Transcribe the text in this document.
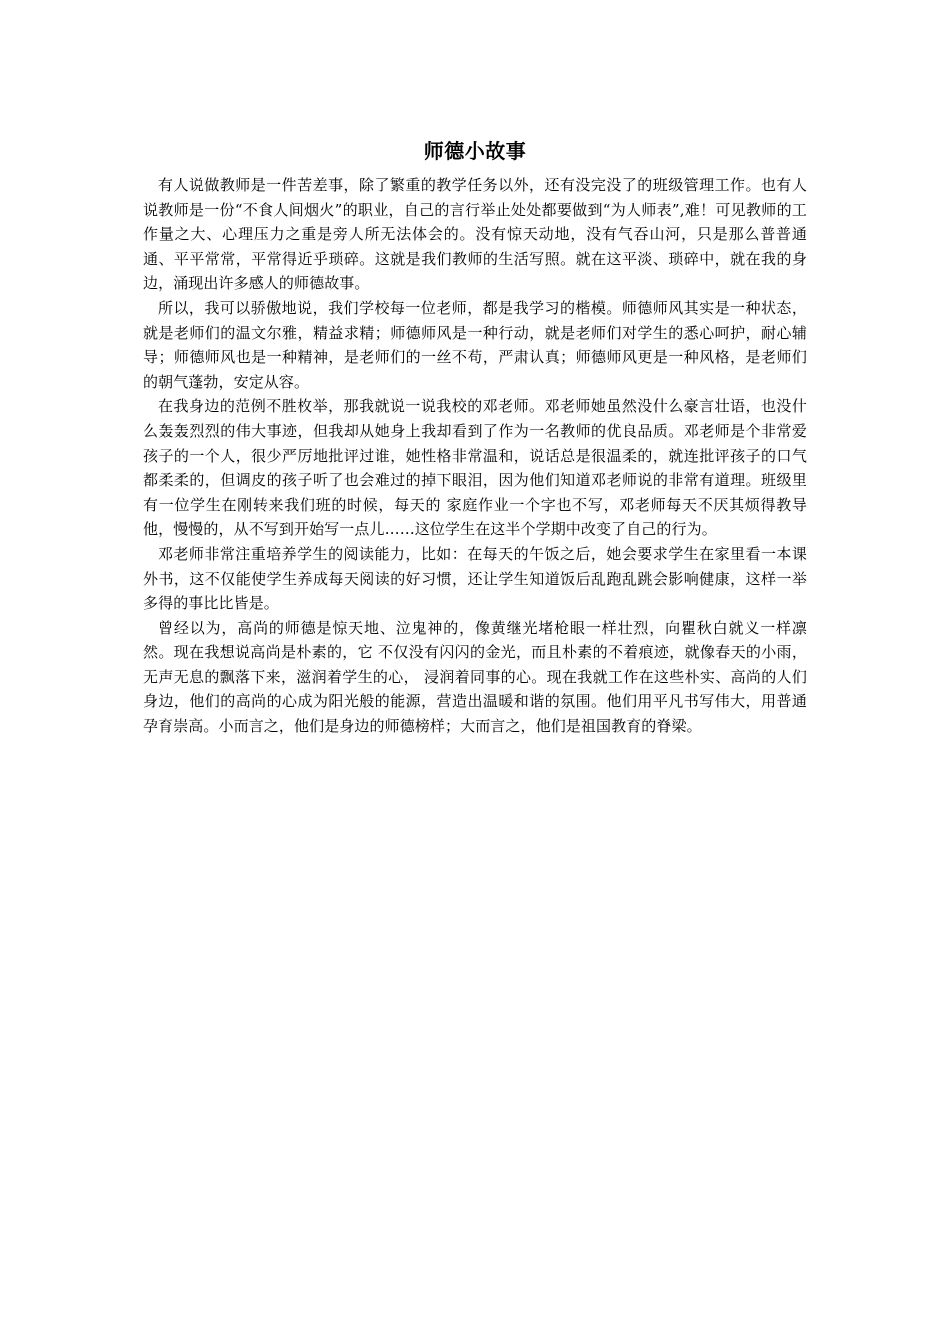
师德小故事

有人说做教师是一件苦差事，除了繁重的教学任务以外，还有没完没了的班级管理工作。也有人说教师是一份“不食人间烟火”的职业，自己的言行举止处处都要做到“为人师表”,难！可见教师的工作量之大、心理压力之重是旁人所无法体会的。没有惊天动地，没有气吞山河，只是那么普普通通、平平常常，平常得近乎琐碎。这就是我们教师的生活写照。就在这平淡、琐碎中，就在我的身边，涌现出许多感人的师德故事。

所以，我可以骄傲地说，我们学校每一位老师，都是我学习的楷模。师德师风其实是一种状态，就是老师们的温文尔雅，精益求精；师德师风是一种行动，就是老师们对学生的悉心呵护，耐心辅导；师德师风也是一种精神，是老师们的一丝不苟，严肃认真；师德师风更是一种风格，是老师们的朝气蓬勃，安定从容。

在我身边的范例不胜枚举，那我就说一说我校的邓老师。邓老师她虽然没什么豪言壮语，也没什么轰轰烈烈的伟大事迹，但我却从她身上我却看到了作为一名教师的优良品质。邓老师是个非常爱孩子的一个人，很少严厉地批评过谁，她性格非常温和，说话总是很温柔的，就连批评孩子的口气都柔柔的，但调皮的孩子听了也会难过的掉下眼泪，因为他们知道邓老师说的非常有道理。班级里有一位学生在刚转来我们班的时候，每天的 家庭作业一个字也不写，邓老师每天不厌其烦得教导他，慢慢的，从不写到开始写一点儿……这位学生在这半个学期中改变了自己的行为。

邓老师非常注重培养学生的阅读能力，比如：在每天的午饭之后，她会要求学生在家里看一本课外书，这不仅能使学生养成每天阅读的好习惯，还让学生知道饭后乱跑乱跳会影响健康，这样一举多得的事比比皆是。

曾经以为，高尚的师德是惊天地、泣鬼神的，像黄继光堵枪眼一样壮烈，向瞿秋白就义一样凛然。现在我想说高尚是朴素的，它 不仅没有闪闪的金光，而且朴素的不着痕迹，就像春天的小雨，无声无息的飘落下来，滋润着学生的心， 浸润着同事的心。现在我就工作在这些朴实、高尚的人们身边，他们的高尚的心成为阳光般的能源，营造出温暖和谐的氛围。他们用平凡书写伟大，用普通孕育崇高。小而言之，他们是身边的师德榜样；大而言之，他们是祖国教育的脊梁。
